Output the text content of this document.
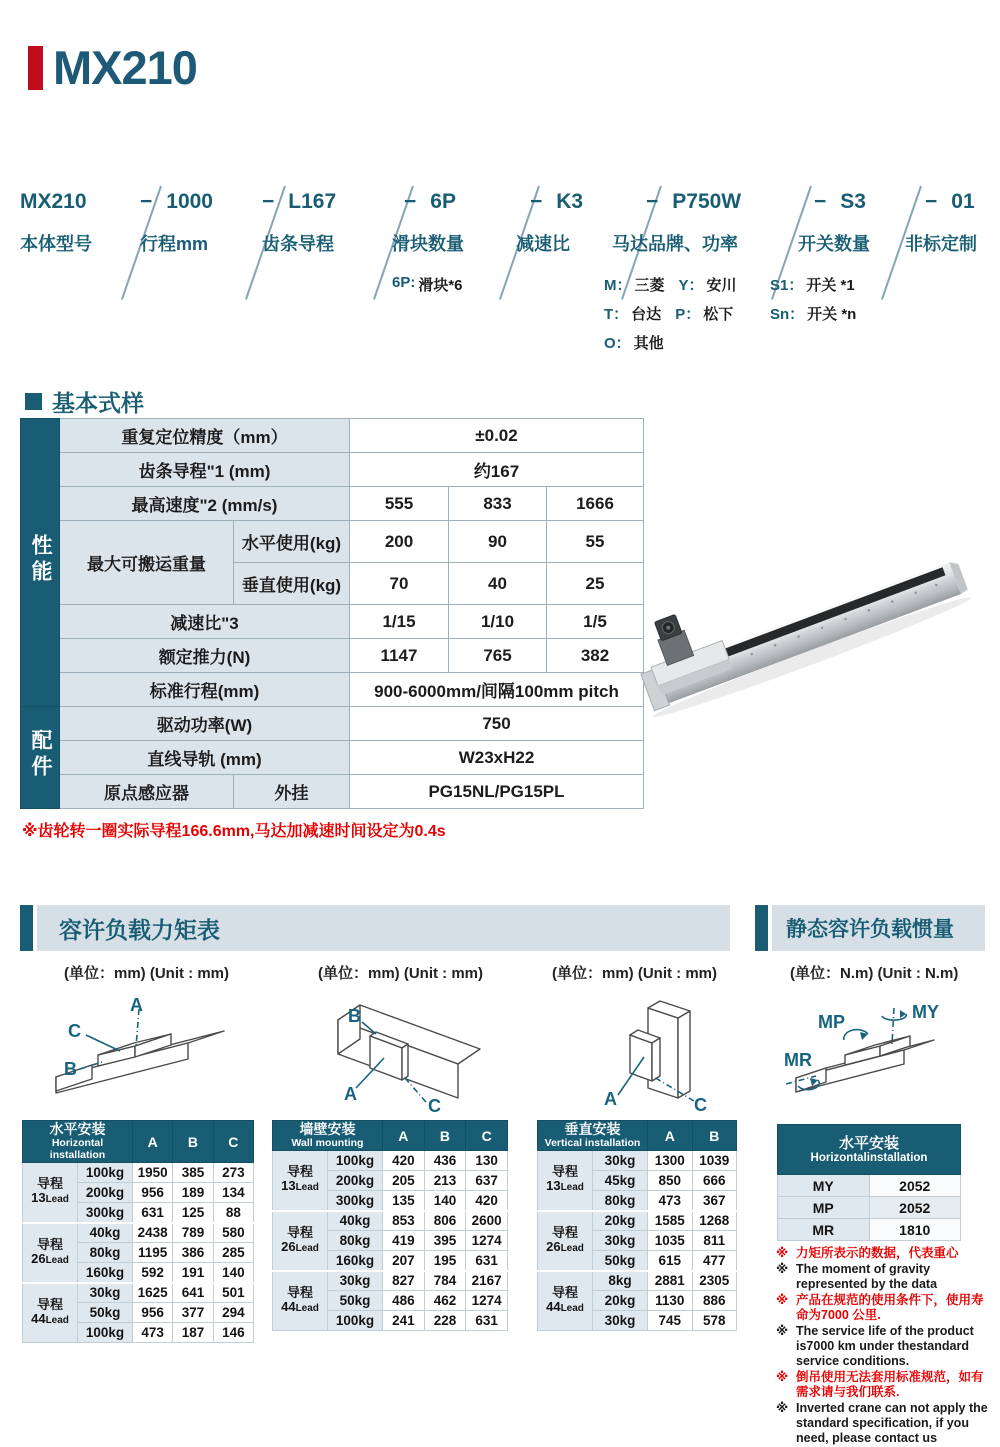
MX210
MX210
本体型号
− 1000
行程mm
− L167
齿条导程
− 6P
滑块数量
6P: 滑块*6
− K3
减速比
− P750W
马达品牌、功率
M： 三菱 Y： 安川
T： 台达 P： 松下
O： 其他
− S3
开关数量
S1： 开关 *1
Sn： 开关 *n
− 01
非标定制
基本式样
性能	重复定位精度（mm）		±0.02		
	齿条导程"1 (mm)		约167		
	最高速度"2 (mm/s)		555	833	1666
	最大可搬运重量	水平使用(kg)	200	90	55
		垂直使用(kg)	70	40	25
	减速比"3		1/15	1/10	1/5
	额定推力(N)		1147	765	382
	标准行程(mm)		900-6000mm/间隔100mm pitch		
配件	驱动功率(W)		750		
	直线导轨 (mm)		W23xH22		
	原点感应器	外挂	PG15NL/PG15PL		
※齿轮转一圈实际导程166.6mm,马达加减速时间设定为0.4s
容许负载力矩表	静态容许负载惯量
(单位：mm) (Unit : mm)	(单位：mm) (Unit : mm)	(单位：mm) (Unit : mm)	(单位：N.m) (Unit : N.m)
A
B
C
B
A
C	A	C
MP	MY
MR
水平安装
Horizontal installation		A	B	C

导程
13Lead	100kg	1950	385	273
	200kg	956	189	134
	300kg	631	125	88

导程
26Lead	40kg	2438	789	580
	80kg	1195	386	285
	160kg	592	191	140

导程
44Lead	30kg	1625	641	501
	50kg	956	377	294
	100kg	473	187	146
墙壁安装
Wall mounting		A	B	C

导程
13Lead	100kg	420	436	130
	200kg	205	213	637
	300kg	135	140	420

导程
26Lead	40kg	853	806	2600
	80kg	419	395	1274
	160kg	207	195	631

导程
44Lead	30kg	827	784	2167
	50kg	486	462	1274
	100kg	241	228	631
垂直安装
Vertical installation		A	B

导程
13Lead	30kg	1300	1039
	45kg	850	666
	80kg	473	367

导程
26Lead	20kg	1585	1268
	30kg	1035	811
	50kg	615	477

导程
44Lead	8kg	2881	2305
	20kg	1130	886
	30kg	745	578
水平安装
Horizontalinstallation	

MY	2052
MP	2052
MR	1810
※ 力矩所表示的数据，代表重心
※ The moment of gravity represented by the data
※ 产品在规范的使用条件下，使用寿命为7000 公里.
※ The service life of the product is7000 km under thestandard service conditions.
※ 倒吊使用无法套用标准规范，如有需求请与我们联系.
※ Inverted crane can not apply the standard specification, if you need, please contact us
